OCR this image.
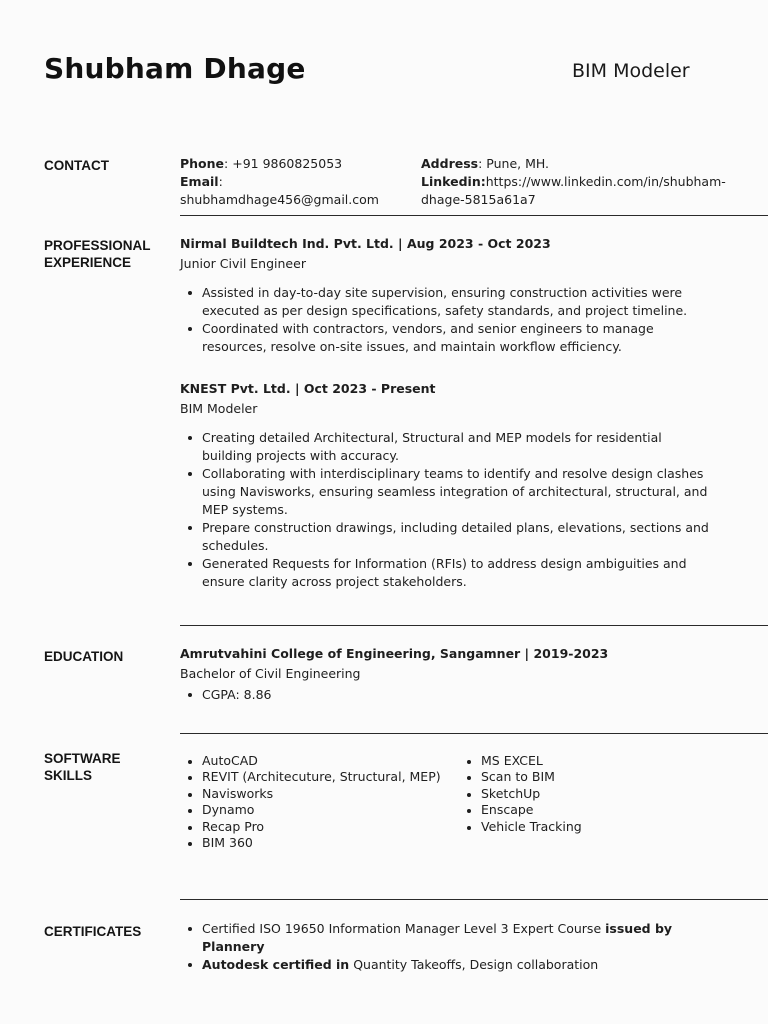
Shubham Dhage	BIM Modeler
CONTACT	Phone: +91 9860825053
Email: shubhamdhage456@gmail.com
Address: Pune, MH.
Linkedin:https://www.linkedin.com/in/shubham-
dhage-5815a61a7
PROFESSIONAL
EXPERIENCE
Nirmal Buildtech Ind. Pvt. Ltd. | Aug 2023 - Oct 2023
Junior Civil Engineer
Assisted in day-to-day site supervision, ensuring construction activities were executed as per design specifications, safety standards, and project timeline.
Coordinated with contractors, vendors, and senior engineers to manage resources, resolve on-site issues, and maintain workflow efficiency.
KNEST Pvt. Ltd. | Oct 2023 - Present
BIM Modeler
Creating detailed Architectural, Structural and MEP models for residential building projects with accuracy.
Collaborating with interdisciplinary teams to identify and resolve design clashes using Navisworks, ensuring seamless integration of architectural, structural, and MEP systems.
Prepare construction drawings, including detailed plans, elevations, sections and schedules.
Generated Requests for Information (RFIs) to address design ambiguities and ensure clarity across project stakeholders.
EDUCATION	Amrutvahini College of Engineering, Sangamner | 2019-2023
Bachelor of Civil Engineering
CGPA: 8.86
SOFTWARE
SKILLS
AutoCAD
REVIT (Architecuture, Structural, MEP)
Navisworks
Dynamo
Recap Pro
BIM 360
MS EXCEL
Scan to BIM
SketchUp
Enscape
Vehicle Tracking
CERTIFICATES	Certified ISO 19650 Information Manager Level 3 Expert Course issued by Plannery
Autodesk certified in Quantity Takeoffs, Design collaboration
